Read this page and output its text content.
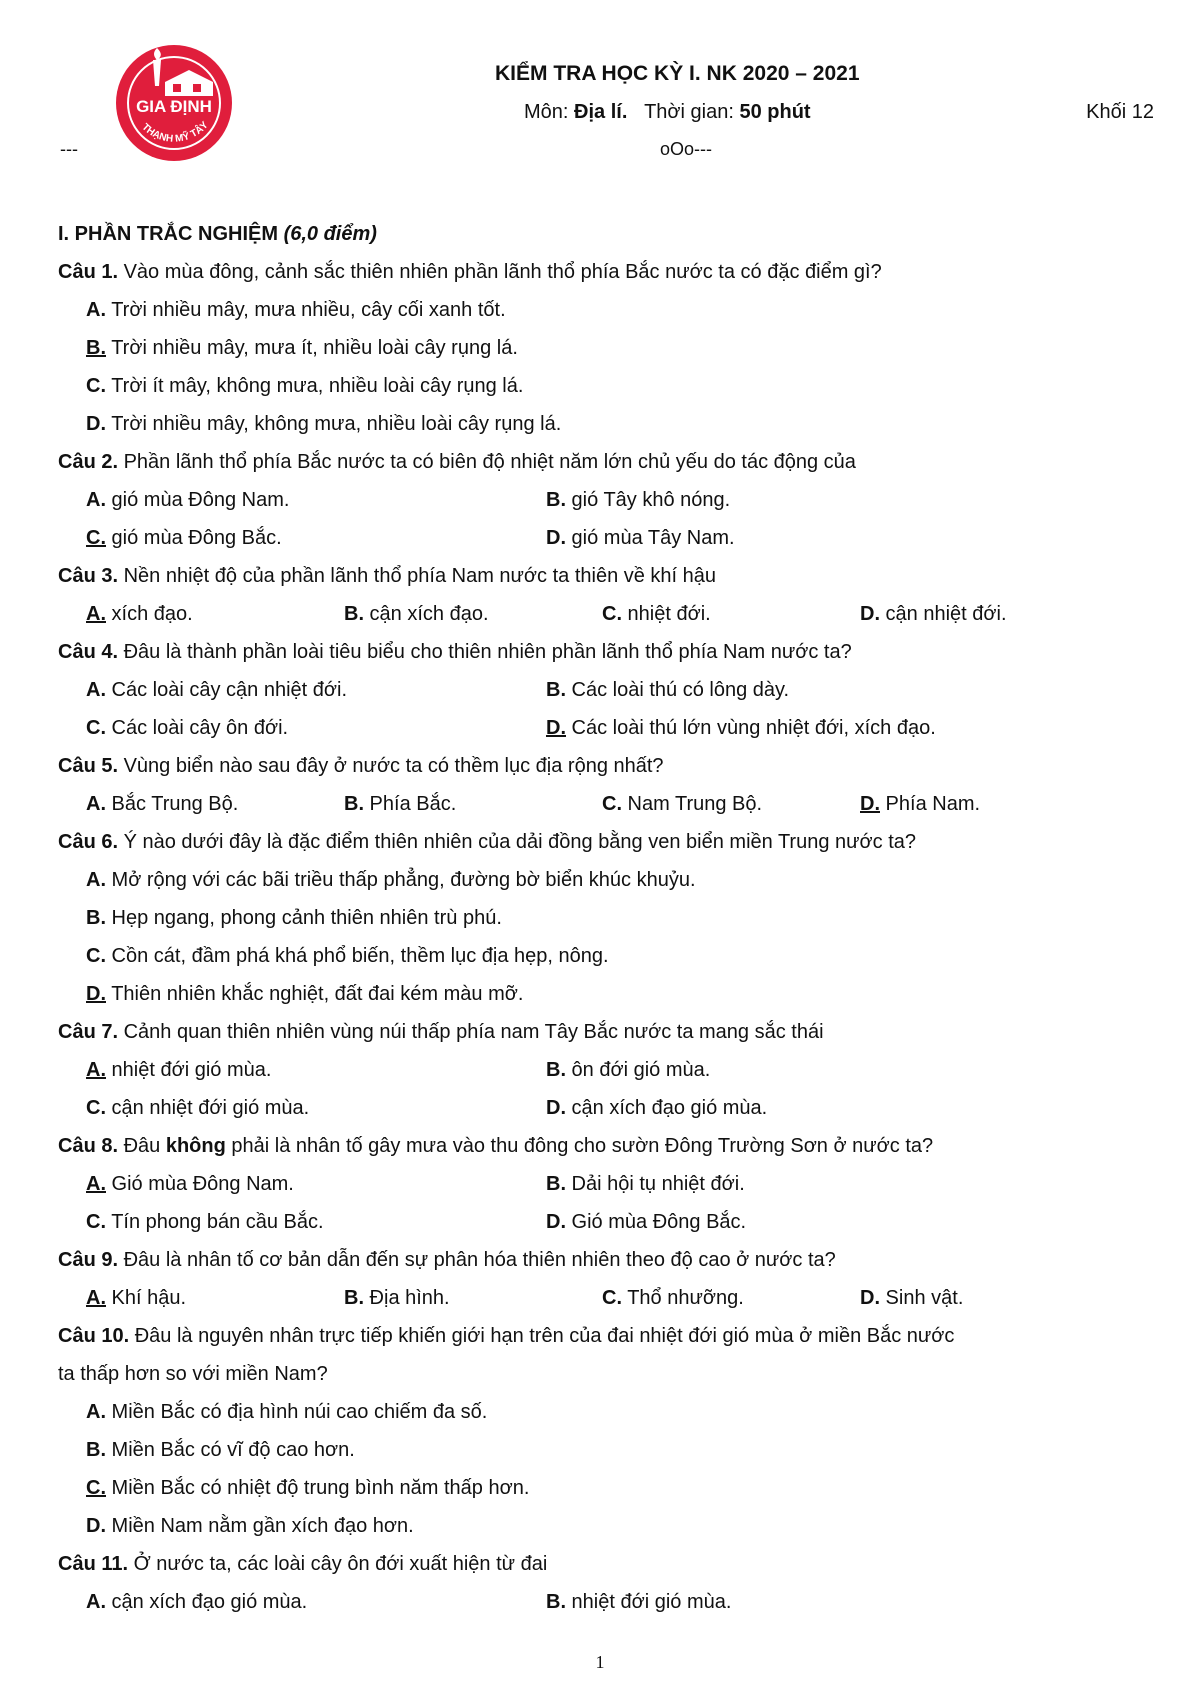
GIA ĐỊNH
THẠNH MỸ TÂY
KIỂM TRA HỌC KỲ I. NK 2020 – 2021
Môn: Địa lí. Thời gian: 50 phút	Khối 12
---	oOo---
I. PHẦN TRẮC NGHIỆM (6,0 điểm)
Câu 1. Vào mùa đông, cảnh sắc thiên nhiên phần lãnh thổ phía Bắc nước ta có đặc điểm gì?
A. Trời nhiều mây, mưa nhiều, cây cối xanh tốt.
B. Trời nhiều mây, mưa ít, nhiều loài cây rụng lá.
C. Trời ít mây, không mưa, nhiều loài cây rụng lá.
D. Trời nhiều mây, không mưa, nhiều loài cây rụng lá.
Câu 2. Phần lãnh thổ phía Bắc nước ta có biên độ nhiệt năm lớn chủ yếu do tác động của
A. gió mùa Đông Nam.	B. gió Tây khô nóng.
C. gió mùa Đông Bắc.	D. gió mùa Tây Nam.
Câu 3. Nền nhiệt độ của phần lãnh thổ phía Nam nước ta thiên về khí hậu
A. xích đạo.	B. cận xích đạo.	C. nhiệt đới.	D. cận nhiệt đới.
Câu 4. Đâu là thành phần loài tiêu biểu cho thiên nhiên phần lãnh thổ phía Nam nước ta?
A. Các loài cây cận nhiệt đới.	B. Các loài thú có lông dày.
C. Các loài cây ôn đới.	D. Các loài thú lớn vùng nhiệt đới, xích đạo.
Câu 5. Vùng biển nào sau đây ở nước ta có thềm lục địa rộng nhất?
A. Bắc Trung Bộ.	B. Phía Bắc.	C. Nam Trung Bộ.	D. Phía Nam.
Câu 6. Ý nào dưới đây là đặc điểm thiên nhiên của dải đồng bằng ven biển miền Trung nước ta?
A. Mở rộng với các bãi triều thấp phẳng, đường bờ biển khúc khuỷu.
B. Hẹp ngang, phong cảnh thiên nhiên trù phú.
C. Cồn cát, đầm phá khá phổ biến, thềm lục địa hẹp, nông.
D. Thiên nhiên khắc nghiệt, đất đai kém màu mỡ.
Câu 7. Cảnh quan thiên nhiên vùng núi thấp phía nam Tây Bắc nước ta mang sắc thái
A. nhiệt đới gió mùa.	B. ôn đới gió mùa.
C. cận nhiệt đới gió mùa.	D. cận xích đạo gió mùa.
Câu 8. Đâu không phải là nhân tố gây mưa vào thu đông cho sườn Đông Trường Sơn ở nước ta?
A. Gió mùa Đông Nam.	B. Dải hội tụ nhiệt đới.
C. Tín phong bán cầu Bắc.	D. Gió mùa Đông Bắc.
Câu 9. Đâu là nhân tố cơ bản dẫn đến sự phân hóa thiên nhiên theo độ cao ở nước ta?
A. Khí hậu.	B. Địa hình.	C. Thổ nhưỡng.	D. Sinh vật.
Câu 10. Đâu là nguyên nhân trực tiếp khiến giới hạn trên của đai nhiệt đới gió mùa ở miền Bắc nước
ta thấp hơn so với miền Nam?
A. Miền Bắc có địa hình núi cao chiếm đa số.
B. Miền Bắc có vĩ độ cao hơn.
C. Miền Bắc có nhiệt độ trung bình năm thấp hơn.
D. Miền Nam nằm gần xích đạo hơn.
Câu 11. Ở nước ta, các loài cây ôn đới xuất hiện từ đai
A. cận xích đạo gió mùa.	B. nhiệt đới gió mùa.
1
